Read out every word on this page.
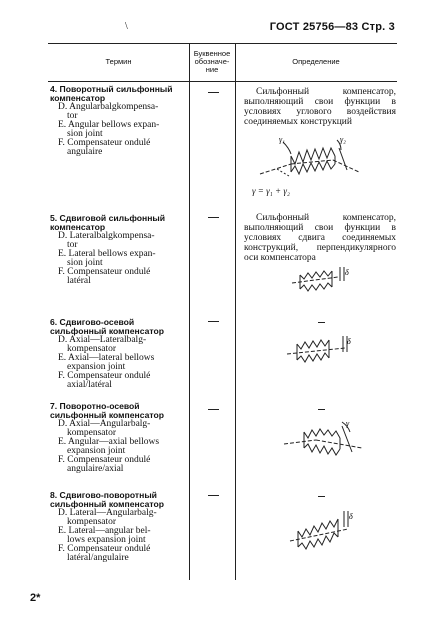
\	ГОСТ 25756—83 Стр. 3
Термин
Буквенное обозначе-ние
Определение
4. Поворотный сильфонный компенсатор
D. Angularbalgkompensa-
tor
E. Angular bellows expan-
sion joint
F. Compensateur ondulé
angulaire
Сильфонный компенсатор, выполняющий свои функции в условиях углового воздействия соединяемых конструкций
5. Сдвиговой сильфонный компенсатор
D. Lateralbalgkompensa-
tor
E. Lateral bellows expan-
sion joint
F. Compensateur ondulé
latéral
Сильфонный компенсатор, выполняющий свои функции в условиях сдвига соединяемых конструкций, перпендикулярного оси компенсатора
6. Сдвигово-осевой сильфонный компенсатор
D. Axial—Lateralbalg-
kompensator
E. Axial—lateral bellows
expansion joint
F. Compensateur ondulé
axial/latéral
7. Поворотно-осевой сильфонный компенсатор
D. Axial—Angularbalg-
kompensator
E. Angular—axial bellows
expansion joint
F. Compensateur ondulé
angulaire/axial
8. Сдвигово-поворотный сильфонный компенсатор
D. Lateral—Angularbalg-
kompensator
E. Lateral—angular bel-
lows expansion joint
F. Compensateur ondulé
latéral/angulaire
γ₁	γ₂
γ = γ₁ + γ₂
δ
δ
γ
δ
2*
